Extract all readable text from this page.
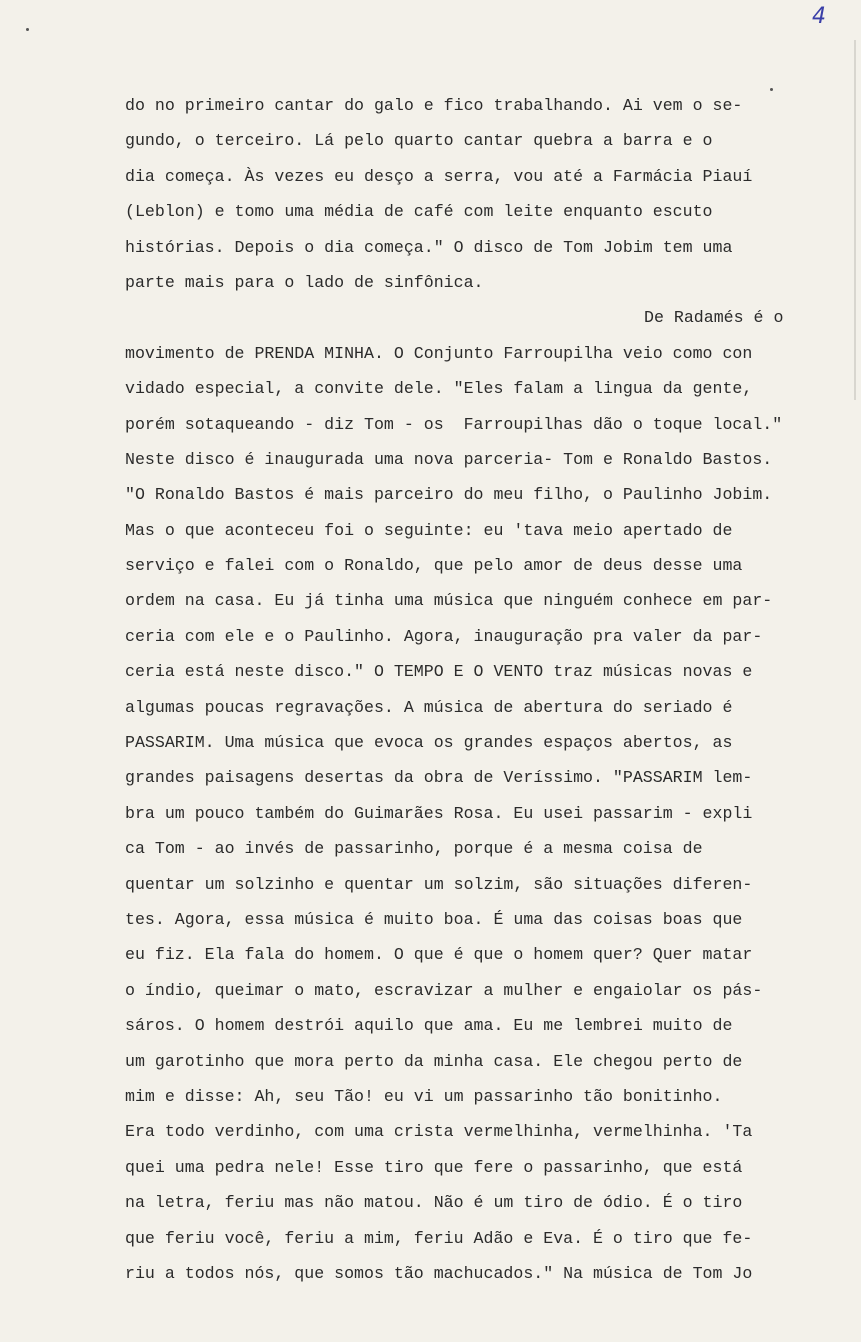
4
do no primeiro cantar do galo e fico trabalhando. Ai vem o se-
gundo, o terceiro. Lá pelo quarto cantar quebra a barra e o
dia começa. Às vezes eu desço a serra, vou até a Farmácia Piauí
(Leblon) e tomo uma média de café com leite enquanto escuto
histórias. Depois o dia começa." O disco de Tom Jobim tem uma
parte mais para o lado de sinfônica.
De Radamés é o
movimento de PRENDA MINHA. O Conjunto Farroupilha veio como con
vidado especial, a convite dele. "Eles falam a lingua da gente,
porém sotaqueando - diz Tom - os  Farroupilhas dão o toque local."
Neste disco é inaugurada uma nova parceria- Tom e Ronaldo Bastos.
"O Ronaldo Bastos é mais parceiro do meu filho, o Paulinho Jobim.
Mas o que aconteceu foi o seguinte: eu 'tava meio apertado de
serviço e falei com o Ronaldo, que pelo amor de deus desse uma
ordem na casa. Eu já tinha uma música que ninguém conhece em par-
ceria com ele e o Paulinho. Agora, inauguração pra valer da par-
ceria está neste disco." O TEMPO E O VENTO traz músicas novas e
algumas poucas regravações. A música de abertura do seriado é
PASSARIM. Uma música que evoca os grandes espaços abertos, as
grandes paisagens desertas da obra de Veríssimo. "PASSARIM lem-
bra um pouco também do Guimarães Rosa. Eu usei passarim - expli
ca Tom - ao invés de passarinho, porque é a mesma coisa de
quentar um solzinho e quentar um solzim, são situações diferen-
tes. Agora, essa música é muito boa. É uma das coisas boas que
eu fiz. Ela fala do homem. O que é que o homem quer? Quer matar
o índio, queimar o mato, escravizar a mulher e engaiolar os pás-
sáros. O homem destrói aquilo que ama. Eu me lembrei muito de
um garotinho que mora perto da minha casa. Ele chegou perto de
mim e disse: Ah, seu Tão! eu vi um passarinho tão bonitinho.
Era todo verdinho, com uma crista vermelhinha, vermelhinha. 'Ta
quei uma pedra nele! Esse tiro que fere o passarinho, que está
na letra, feriu mas não matou. Não é um tiro de ódio. É o tiro
que feriu você, feriu a mim, feriu Adão e Eva. É o tiro que fe-
riu a todos nós, que somos tão machucados." Na música de Tom Jo
